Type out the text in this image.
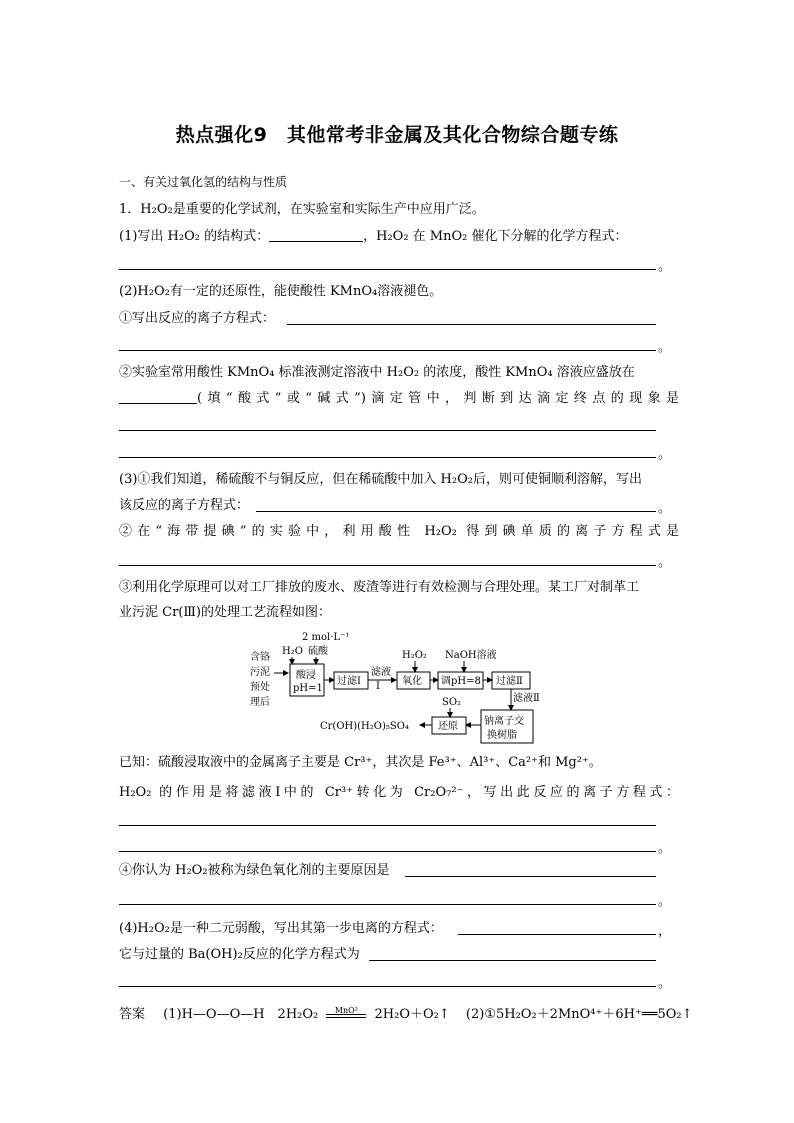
热点强化9　其他常考非金属及其化合物综合题专练
一、有关过氧化氢的结构与性质
1．H₂O₂是重要的化学试剂，在实验室和实际生产中应用广泛。
(1)写出 H₂O₂ 的结构式：	，H₂O₂ 在 MnO₂ 催化下分解的化学方程式：
。
(2)H₂O₂有一定的还原性，能使酸性 KMnO₄溶液褪色。
①写出反应的离子方程式：
。
②实验室常用酸性 KMnO₄ 标准液测定溶液中 H₂O₂ 的浓度，酸性 KMnO₄ 溶液应盛放在
(填“酸式”或“碱式”)滴定管中，判断到达滴定终点的现象是
。
(3)①我们知道，稀硫酸不与铜反应，但在稀硫酸中加入 H₂O₂后，则可使铜顺利溶解，写出
该反应的离子方程式：	。
②在“海带提碘”的实验中，利用酸性 H₂O₂ 得到碘单质的离子方程式是
。
③利用化学原理可以对工厂排放的废水、废渣等进行有效检测与合理处理。某工厂对制革工
业污泥 Cr(Ⅲ)的处理工艺流程如图：
含铬
污泥
预处
理后
2 mol·L⁻¹
H₂O 硫酸
酸浸
pH=1
过滤Ⅰ
滤液
Ⅰ
H₂O₂
氧化
NaOH溶液
调pH=8 过滤Ⅱ
滤液Ⅱ
钠离子交
换树脂
SO₂
还原
Cr(OH)(H₂O)₅SO₄
已知：硫酸浸取液中的金属离子主要是 Cr³⁺，其次是 Fe³⁺、Al³⁺、Ca²⁺和 Mg²⁺。
H₂O₂ 的作用是将滤液Ⅰ中的 Cr³⁺转化为 Cr₂O₇²⁻，写出此反应的离子方程式：
。
④你认为 H₂O₂被称为绿色氧化剂的主要原因是
。
(4)H₂O₂是一种二元弱酸，写出其第一步电离的方程式：	，
它与过量的 Ba(OH)₂反应的化学方程式为
。
答案 (1)H—O—O—H 2H₂O₂	MnO²	2H₂O＋O₂↑ (2)①5H₂O₂＋2MnO⁴⁺＋6H⁺══5O₂↑
